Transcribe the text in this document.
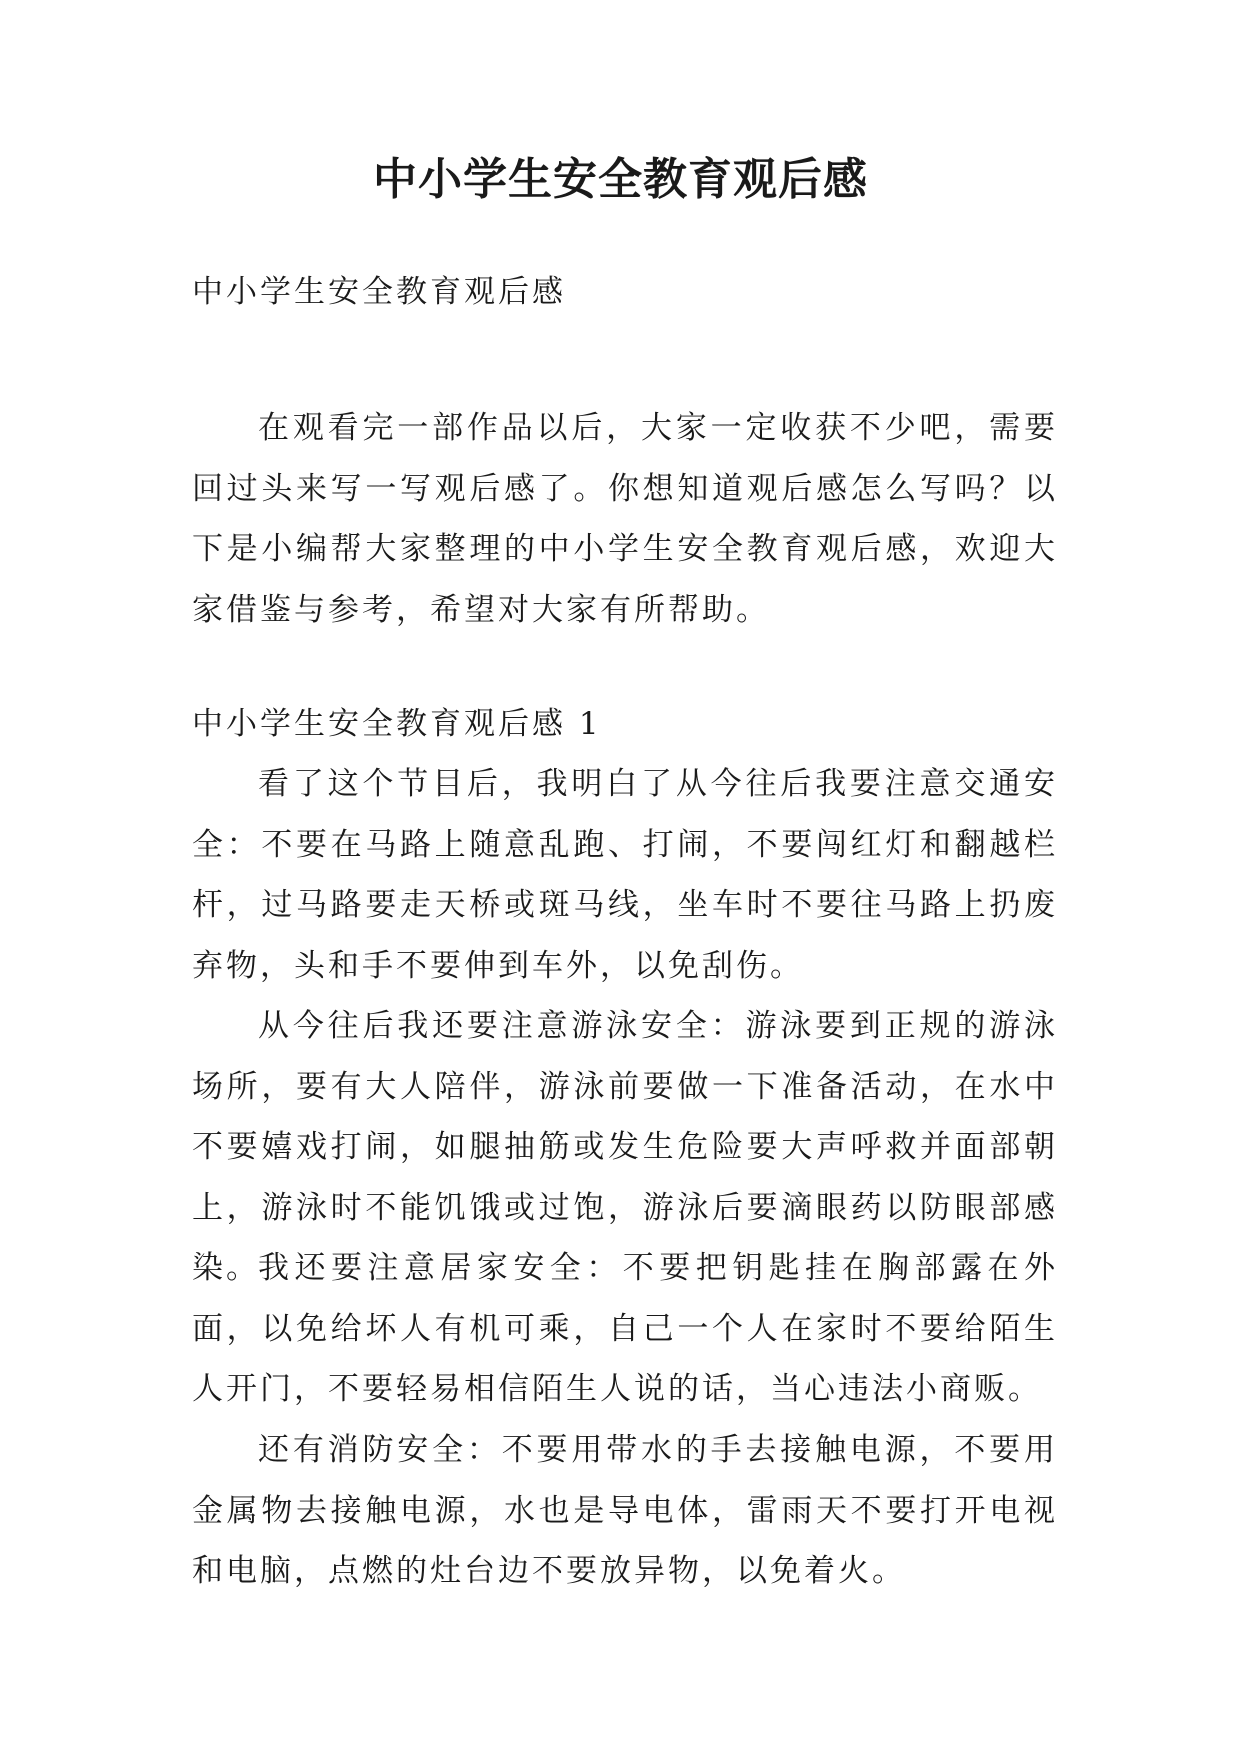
中小学生安全教育观后感

中小学生安全教育观后感

在观看完一部作品以后，大家一定收获不少吧，需要回过头来写一写观后感了。你想知道观后感怎么写吗？以下是小编帮大家整理的中小学生安全教育观后感，欢迎大家借鉴与参考，希望对大家有所帮助。

中小学生安全教育观后感 1

看了这个节目后，我明白了从今往后我要注意交通安全：不要在马路上随意乱跑、打闹，不要闯红灯和翻越栏杆，过马路要走天桥或斑马线，坐车时不要往马路上扔废弃物，头和手不要伸到车外，以免刮伤。

从今往后我还要注意游泳安全：游泳要到正规的游泳场所，要有大人陪伴，游泳前要做一下准备活动，在水中不要嬉戏打闹，如腿抽筋或发生危险要大声呼救并面部朝上，游泳时不能饥饿或过饱，游泳后要滴眼药以防眼部感染。

我还要注意居家安全：不要把钥匙挂在胸部露在外面，以免给坏人有机可乘，自己一个人在家时不要给陌生人开门，不要轻易相信陌生人说的话，当心违法小商贩。

还有消防安全：不要用带水的手去接触电源，不要用金属物去接触电源，水也是导电体，雷雨天不要打开电视和电脑，点燃的灶台边不要放异物，以免着火。
